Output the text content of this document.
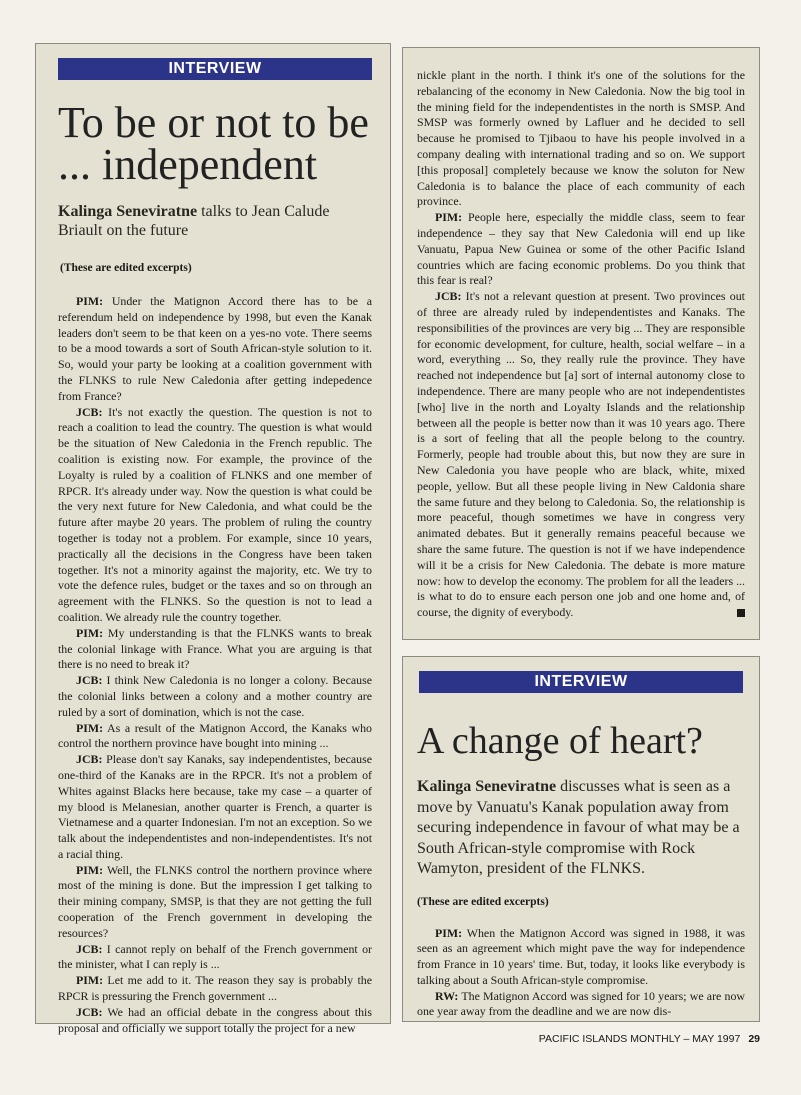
INTERVIEW
To be or not to be ... independent
Kalinga Seneviratne talks to Jean Calude Briault on the future
(These are edited excerpts)

PIM: Under the Matignon Accord there has to be a referendum held on independence by 1998, but even the Kanak leaders don't seem to be that keen on a yes-no vote. There seems to be a mood towards a sort of South African-style solution to it. So, would your party be looking at a coalition government with the FLNKS to rule New Caledonia after getting indepedence from France?

JCB: It's not exactly the question. The question is not to reach a coalition to lead the country. The question is what would be the situation of New Caledonia in the French republic. The coalition is existing now. For example, the province of the Loyalty is ruled by a coalition of FLNKS and one member of RPCR. It's already under way. Now the question is what could be the very next future for New Caledonia, and what could be the future after maybe 20 years. The problem of ruling the country together is today not a problem. For example, since 10 years, practically all the decisions in the Congress have been taken together. It's not a minority against the majority, etc. We try to vote the defence rules, budget or the taxes and so on through an agreement with the FLNKS. So the question is not to lead a coalition. We already rule the country together.

PIM: My understanding is that the FLNKS wants to break the colonial linkage with France. What you are arguing is that there is no need to break it?

JCB: I think New Caledonia is no longer a colony. Because the colonial links between a colony and a mother country are ruled by a sort of domination, which is not the case.

PIM: As a result of the Matignon Accord, the Kanaks who control the northern province have bought into mining ...

JCB: Please don't say Kanaks, say independentistes, because one-third of the Kanaks are in the RPCR. It's not a problem of Whites against Blacks here because, take my case – a quarter of my blood is Melanesian, another quarter is French, a quarter is Vietnamese and a quarter Indonesian. I'm not an exception. So we talk about the independentistes and non-independentistes. It's not a racial thing.

PIM: Well, the FLNKS control the northern province where most of the mining is done. But the impression I get talking to their mining company, SMSP, is that they are not getting the full cooperation of the French government in developing the resources?

JCB: I cannot reply on behalf of the French government or the minister, what I can reply is ...

PIM: Let me add to it. The reason they say is probably the RPCR is pressuring the French government ...

JCB: We had an official debate in the congress about this proposal and officially we support totally the project for a new

nickle plant in the north. I think it's one of the solutions for the rebalancing of the economy in New Caledonia. Now the big tool in the mining field for the independentistes in the north is SMSP. And SMSP was formerly owned by Lafluer and he decided to sell because he promised to Tjibaou to have his people involved in a company dealing with international trading and so on. We support [this proposal] completely because we know the soluton for New Caledonia is to balance the place of each community of each province.

PIM: People here, especially the middle class, seem to fear independence – they say that New Caledonia will end up like Vanuatu, Papua New Guinea or some of the other Pacific Island countries which are facing economic problems. Do you think that this fear is real?

JCB: It's not a relevant question at present. Two provinces out of three are already ruled by independentistes and Kanaks. The responsibilities of the provinces are very big ... They are responsible for economic development, for culture, health, social welfare – in a word, everything ... So, they really rule the province. They have reached not independence but [a] sort of internal autonomy close to independence. There are many people who are not independentistes [who] live in the north and Loyalty Islands and the relationship between all the people is better now than it was 10 years ago. There is a sort of feeling that all the people belong to the country. Formerly, people had trouble about this, but now they are sure in New Caledonia you have people who are black, white, mixed people, yellow. But all these people living in New Caldonia share the same future and they belong to Caledonia. So, the relationship is more peaceful, though sometimes we have in congress very animated debates. But it generally remains peaceful because we share the same future. The question is not if we have independence will it be a crisis for New Caledonia. The debate is more mature now: how to develop the economy. The problem for all the leaders ... is what to do to ensure each person one job and one home and, of course, the dignity of everybody.

INTERVIEW
A change of heart?
Kalinga Seneviratne discusses what is seen as a move by Vanuatu's Kanak population away from securing independence in favour of what may be a South African-style compromise with Rock Wamyton, president of the FLNKS.
(These are edited excerpts)

PIM: When the Matignon Accord was signed in 1988, it was seen as an agreement which might pave the way for independence from France in 10 years' time. But, today, it looks like everybody is talking about a South African-style compromise.

RW: The Matignon Accord was signed for 10 years; we are now one year away from the deadline and we are now dis-

PACIFIC ISLANDS MONTHLY – MAY 1997 29
